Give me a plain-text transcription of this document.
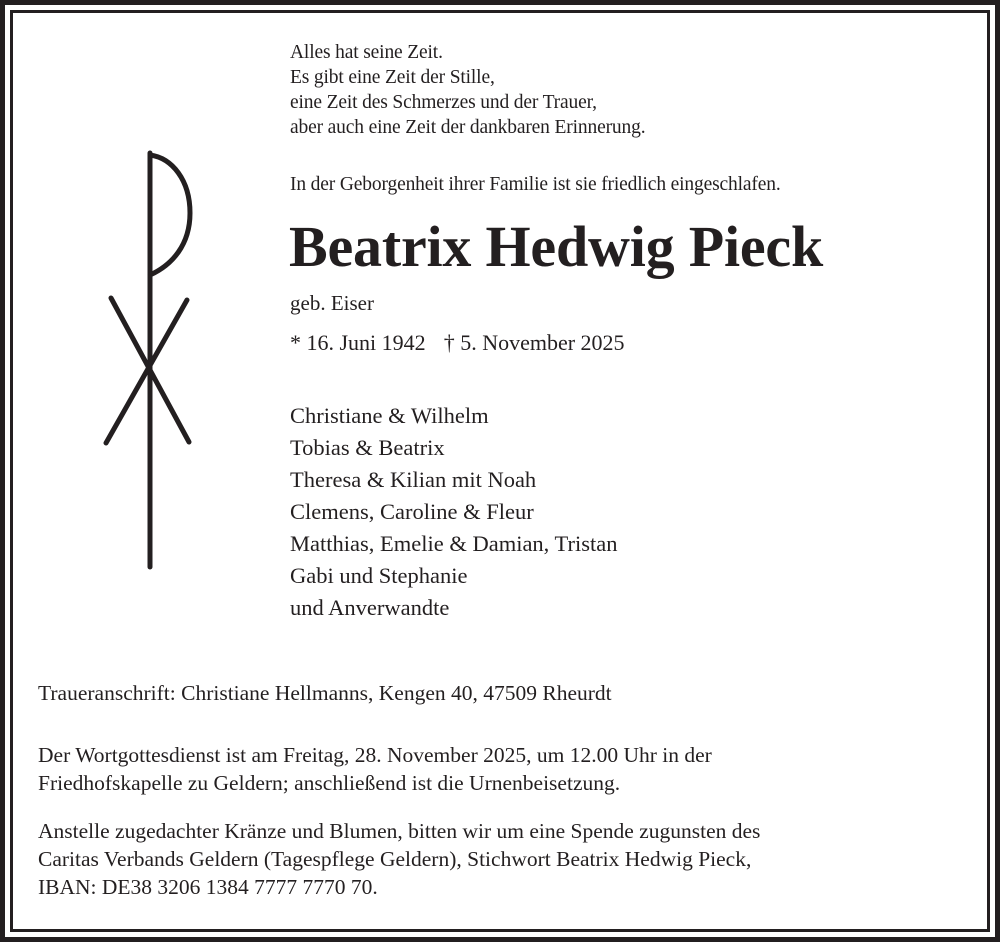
Alles hat seine Zeit.
Es gibt eine Zeit der Stille,
eine Zeit des Schmerzes und der Trauer,
aber auch eine Zeit der dankbaren Erinnerung.
In der Geborgenheit ihrer Familie ist sie friedlich eingeschlafen.
Beatrix Hedwig Pieck
geb. Eiser
* 16. Juni 1942 † 5. November 2025
Christiane & Wilhelm
Tobias & Beatrix
Theresa & Kilian mit Noah
Clemens, Caroline & Fleur
Matthias, Emelie & Damian, Tristan
Gabi und Stephanie
und Anverwandte
Traueranschrift: Christiane Hellmanns, Kengen 40, 47509 Rheurdt
Der Wortgottesdienst ist am Freitag, 28. November 2025, um 12.00 Uhr in der
Friedhofskapelle zu Geldern; anschließend ist die Urnenbeisetzung.
Anstelle zugedachter Kränze und Blumen, bitten wir um eine Spende zugunsten des
Caritas Verbands Geldern (Tagespflege Geldern), Stichwort Beatrix Hedwig Pieck,
IBAN: DE38 3206 1384 7777 7770 70.
